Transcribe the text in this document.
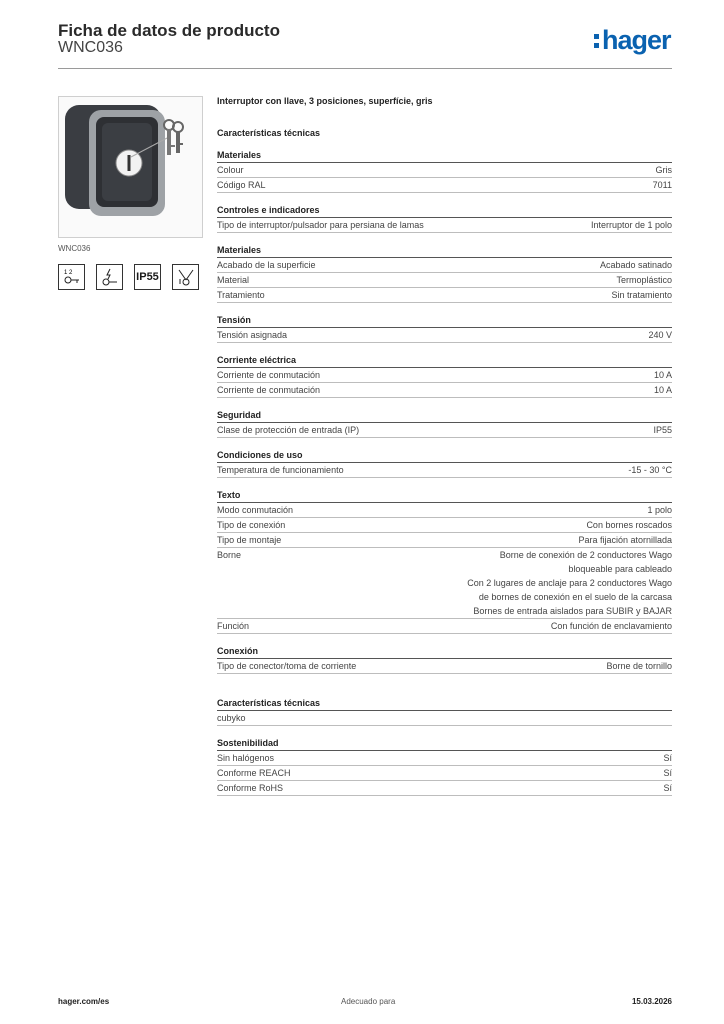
Ficha de datos de producto
WNC036	hager
WNC036
1 2	IP55
Interruptor con llave, 3 posiciones, superfície, gris
Características técnicas
Materiales
Colour	Gris
Código RAL	7011
Controles e indicadores
Tipo de interruptor/pulsador para persiana de lamas	Interruptor de 1 polo
Materiales
Acabado de la superficie	Acabado satinado
Material	Termoplástico
Tratamiento	Sin tratamiento
Tensión
Tensión asignada	240 V
Corriente eléctrica
Corriente de conmutación	10 A
Corriente de conmutación	10 A
Seguridad
Clase de protección de entrada (IP)	IP55
Condiciones de uso
Temperatura de funcionamiento	-15 - 30 °C
Texto
Modo conmutación	1 polo
Tipo de conexión	Con bornes roscados
Tipo de montaje	Para fijación atornillada
Borne	Borne de conexión de 2 conductores Wago
bloqueable para cableado
Con 2 lugares de anclaje para 2 conductores Wago
de bornes de conexión en el suelo de la carcasa
Bornes de entrada aislados para SUBIR y BAJAR
Función	Con función de enclavamiento
Conexión
Tipo de conector/toma de corriente	Borne de tornillo
Características técnicas
cubyko
Sostenibilidad
Sin halógenos	Sí
Conforme REACH	Sí
Conforme RoHS	Sí
hager.com/es	Adecuado para	15.03.2026
